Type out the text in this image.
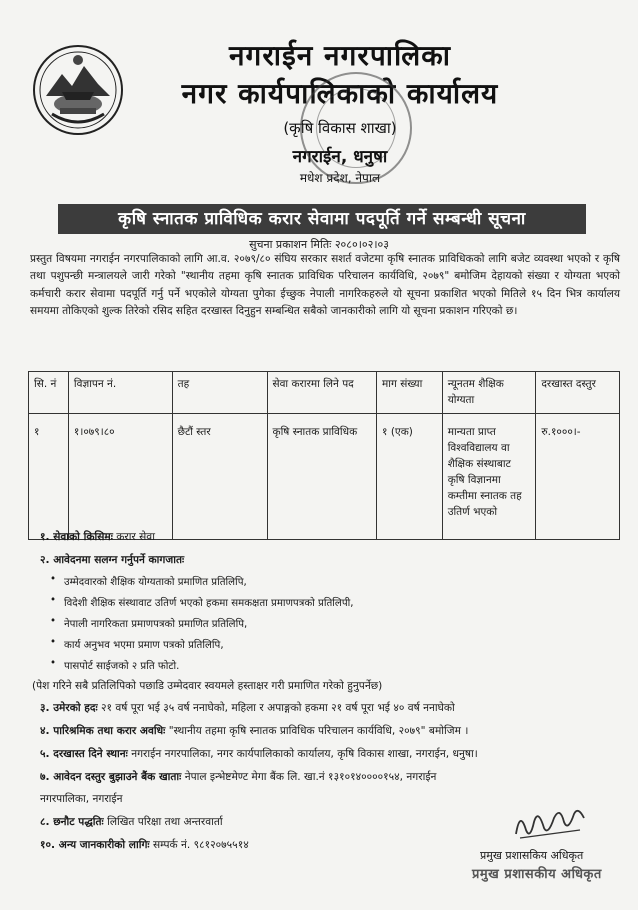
नगराईन नगरपालिका
नगर कार्यपालिकाको कार्यालय
(कृषि विकास शाखा)
नगराईन, धनुषा
मधेश प्रदेश, नेपाल
कृषि स्नातक प्राविधिक करार सेवामा पदपूर्ति गर्ने सम्बन्धी सूचना
सुचना प्रकाशन मितिः २०८०।०२।०३

प्रस्तुत विषयमा नगराईन नगरपालिकाको लागि आ.व. २०७९/८० संघिय सरकार सशर्त वजेटमा कृषि स्नातक प्राविधिकको लागि बजेट व्यवस्था भएको र कृषि तथा पशुपन्छी मन्त्रालयले जारी गरेको "स्थानीय तहमा कृषि स्नातक प्राविधिक परिचालन कार्यविधि, २०७९" बमोजिम देहायको संख्या र योग्यता भएको कर्मचारी करार सेवामा पदपूर्ति गर्नु पर्ने भएकोले योग्यता पुगेका ईच्छुक नेपाली नागरिकहरुले यो सूचना प्रकाशित भएको मितिले १५ दिन भित्र कार्यालय समयमा तोकिएको शुल्क तिरेको रसिद सहित दरखास्त दिनुहुन सम्बन्धित सबैको जानकारीको लागि यो सूचना प्रकाशन गरिएको छ।

सि. नं	विज्ञापन नं.	तह	सेवा करारमा लिने पद	माग संख्या	न्यूनतम शैक्षिक योग्यता	दरखास्त दस्तुर
१	१।०७९।८०	छैटौं स्तर	कृषि स्नातक प्राविधिक	१ (एक)	मान्यता प्राप्त विश्वविद्यालय वा शैक्षिक संस्थाबाट कृषि विज्ञानमा कम्तीमा स्नातक तह उतिर्ण भएको	रु.१०००।-
१. सेवाको किसिमः करार सेवा
२. आवेदनमा सलग्न गर्नुपर्ने कागजातः
• उम्मेदवारको शैक्षिक योग्यताको प्रमाणित प्रतिलिपि,
• विदेशी शैक्षिक संस्थावाट उतिर्ण भएको हकमा समकक्षता प्रमाणपत्रको प्रतिलिपी,
• नेपाली नागरिकता प्रमाणपत्रको प्रमाणित प्रतिलिपि,
• कार्य अनुभव भएमा प्रमाण पत्रको प्रतिलिपि,
• पासपोर्ट साईजको २ प्रति फोटो.
(पेश गरिने सबै प्रतिलिपिको पछाडि उम्मेदवार स्वयमले हस्ताक्षर गरी प्रमाणित गरेको हुनुपर्नेछ)
३. उमेरको हदः २१ वर्ष पूरा भई ३५ वर्ष ननाघेको, महिला र अपाङ्गको हकमा २१ वर्ष पूरा भई ४० वर्ष ननाघेको
४. पारिश्रमिक तथा करार अवधिः "स्थानीय तहमा कृषि स्नातक प्राविधिक परिचालन कार्यविधि, २०७९" बमोजिम ।
५. दरखास्त दिने स्थानः नगराईन नगरपालिका, नगर कार्यपालिकाको कार्यालय, कृषि विकास शाखा, नगराईन, धनुषा।
७. आवेदन दस्तुर बुझाउने बैंक खाताः नेपाल इन्भेष्टमेण्ट मेगा बैंक लि. खा.नं १३१०१४००००१५४, नगराईन
नगरपालिका, नगराईन
८. छनौट पद्धतिः लिखित परिक्षा तथा अन्तरवार्ता
१०. अन्य जानकारीको लागिः सम्पर्क नं. ९८१२०७५५१४
प्रमुख प्रशासकिय अधिकृत
प्रमुख प्रशासकीय अधिकृत
